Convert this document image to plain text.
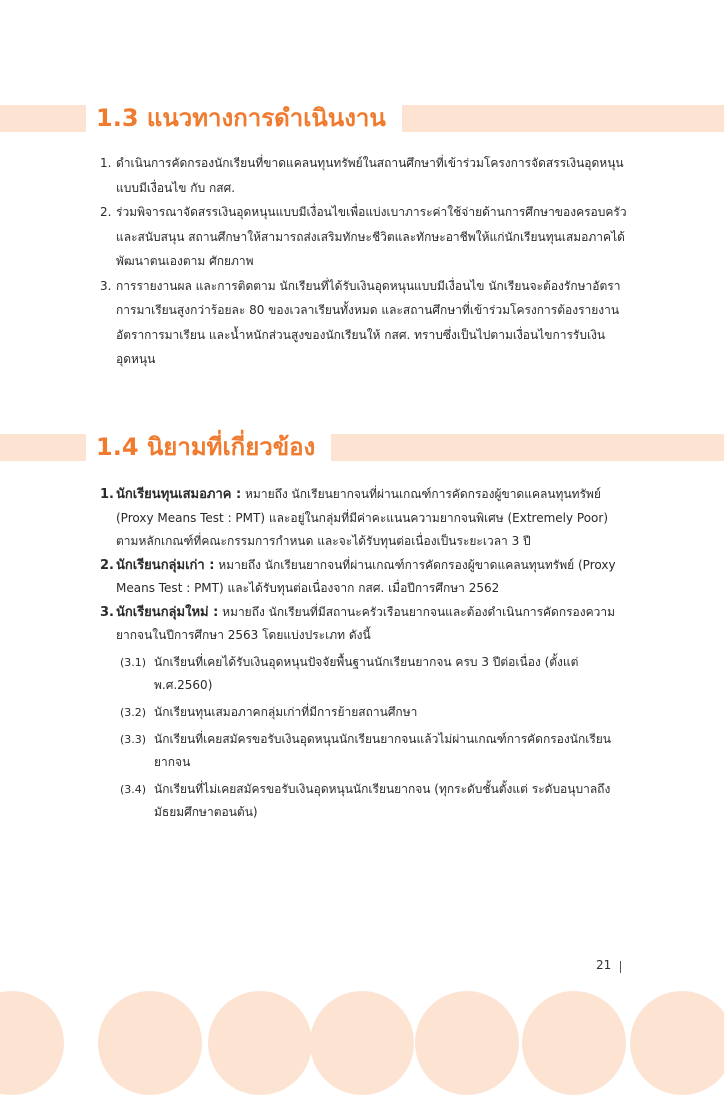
1.3 แนวทางการดำเนินงาน
1. ดำเนินการคัดกรองนักเรียนที่ขาดแคลนทุนทรัพย์ในสถานศึกษาที่เข้าร่วมโครงการจัดสรรเงินอุดหนุนแบบมีเงื่อนไข กับ กสศ.
2. ร่วมพิจารณาจัดสรรเงินอุดหนุนแบบมีเงื่อนไขเพื่อแบ่งเบาภาระค่าใช้จ่ายด้านการศึกษาของครอบครัว และสนับสนุน สถานศึกษาให้สามารถส่งเสริมทักษะชีวิตและทักษะอาชีพให้แก่นักเรียนทุนเสมอภาคได้พัฒนาตนเองตาม ศักยภาพ
3. การรายงานผล และการติดตาม นักเรียนที่ได้รับเงินอุดหนุนแบบมีเงื่อนไข นักเรียนจะต้องรักษาอัตราการมาเรียนสูงกว่าร้อยละ 80 ของเวลาเรียนทั้งหมด และสถานศึกษาที่เข้าร่วมโครงการต้องรายงานอัตราการมาเรียน และน้ำหนักส่วนสูงของนักเรียนให้ กสศ. ทราบซึ่งเป็นไปตามเงื่อนไขการรับเงินอุดหนุน
1.4 นิยามที่เกี่ยวข้อง
1. นักเรียนทุนเสมอภาค : หมายถึง นักเรียนยากจนที่ผ่านเกณฑ์การคัดกรองผู้ขาดแคลนทุนทรัพย์ (Proxy Means Test : PMT) และอยู่ในกลุ่มที่มีค่าคะแนนความยากจนพิเศษ (Extremely Poor) ตามหลักเกณฑ์ที่คณะกรรมการกำหนด และจะได้รับทุนต่อเนื่องเป็นระยะเวลา 3 ปี
2. นักเรียนกลุ่มเก่า : หมายถึง นักเรียนยากจนที่ผ่านเกณฑ์การคัดกรองผู้ขาดแคลนทุนทรัพย์ (Proxy Means Test : PMT) และได้รับทุนต่อเนื่องจาก กสศ. เมื่อปีการศึกษา 2562
3. นักเรียนกลุ่มใหม่ : หมายถึง นักเรียนที่มีสถานะครัวเรือนยากจนและต้องดำเนินการคัดกรองความยากจนในปีการศึกษา 2563 โดยแบ่งประเภท ดังนี้
(3.1) นักเรียนที่เคยได้รับเงินอุดหนุนปัจจัยพื้นฐานนักเรียนยากจน ครบ 3 ปีต่อเนื่อง (ตั้งแต่ พ.ศ.2560)
(3.2) นักเรียนทุนเสมอภาคกลุ่มเก่าที่มีการย้ายสถานศึกษา
(3.3) นักเรียนที่เคยสมัครขอรับเงินอุดหนุนนักเรียนยากจนแล้วไม่ผ่านเกณฑ์การคัดกรองนักเรียนยากจน
(3.4) นักเรียนที่ไม่เคยสมัครขอรับเงินอุดหนุนนักเรียนยากจน (ทุกระดับชั้นตั้งแต่ ระดับอนุบาลถึงมัธยมศึกษาตอนต้น)
21
